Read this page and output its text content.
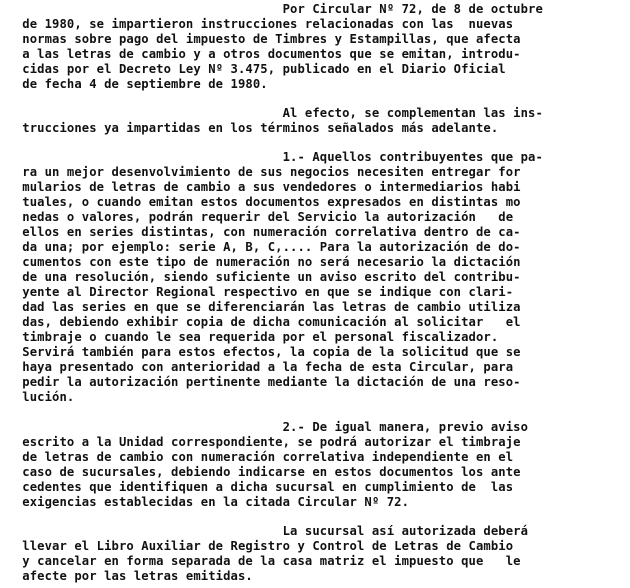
Por Circular Nº 72, de 8 de octubre
de 1980, se impartieron instrucciones relacionadas con las  nuevas
normas sobre pago del impuesto de Timbres y Estampillas, que afecta
a las letras de cambio y a otros documentos que se emitan, introdu-
cidas por el Decreto Ley Nº 3.475, publicado en el Diario Oficial
de fecha 4 de septiembre de 1980.
Al efecto, se complementan las ins-
trucciones ya impartidas en los términos señalados más adelante.
1.- Aquellos contribuyentes que pa-
ra un mejor desenvolvimiento de sus negocios necesiten entregar for
mularios de letras de cambio a sus vendedores o intermediarios habi
tuales, o cuando emitan estos documentos expresados en distintas mo
nedas o valores, podrán requerir del Servicio la autorización   de
ellos en series distintas, con numeración correlativa dentro de ca-
da una; por ejemplo: serie A, B, C,.... Para la autorización de do-
cumentos con este tipo de numeración no será necesario la dictación
de una resolución, siendo suficiente un aviso escrito del contribu-
yente al Director Regional respectivo en que se indique con clari-
dad las series en que se diferenciarán las letras de cambio utiliza
das, debiendo exhibir copia de dicha comunicación al solicitar   el
timbraje o cuando le sea requerida por el personal fiscalizador.
Servirá también para estos efectos, la copia de la solicitud que se
haya presentado con anterioridad a la fecha de esta Circular, para
pedir la autorización pertinente mediante la dictación de una reso-
lución.
2.- De igual manera, previo aviso
escrito a la Unidad correspondiente, se podrá autorizar el timbraje
de letras de cambio con numeración correlativa independiente en el
caso de sucursales, debiendo indicarse en estos documentos los ante
cedentes que identifiquen a dicha sucursal en cumplimiento de  las
exigencias establecidas en la citada Circular Nº 72.
La sucursal así autorizada deberá
llevar el Libro Auxiliar de Registro y Control de Letras de Cambio
y cancelar en forma separada de la casa matriz el impuesto que   le
afecte por las letras emitidas.
